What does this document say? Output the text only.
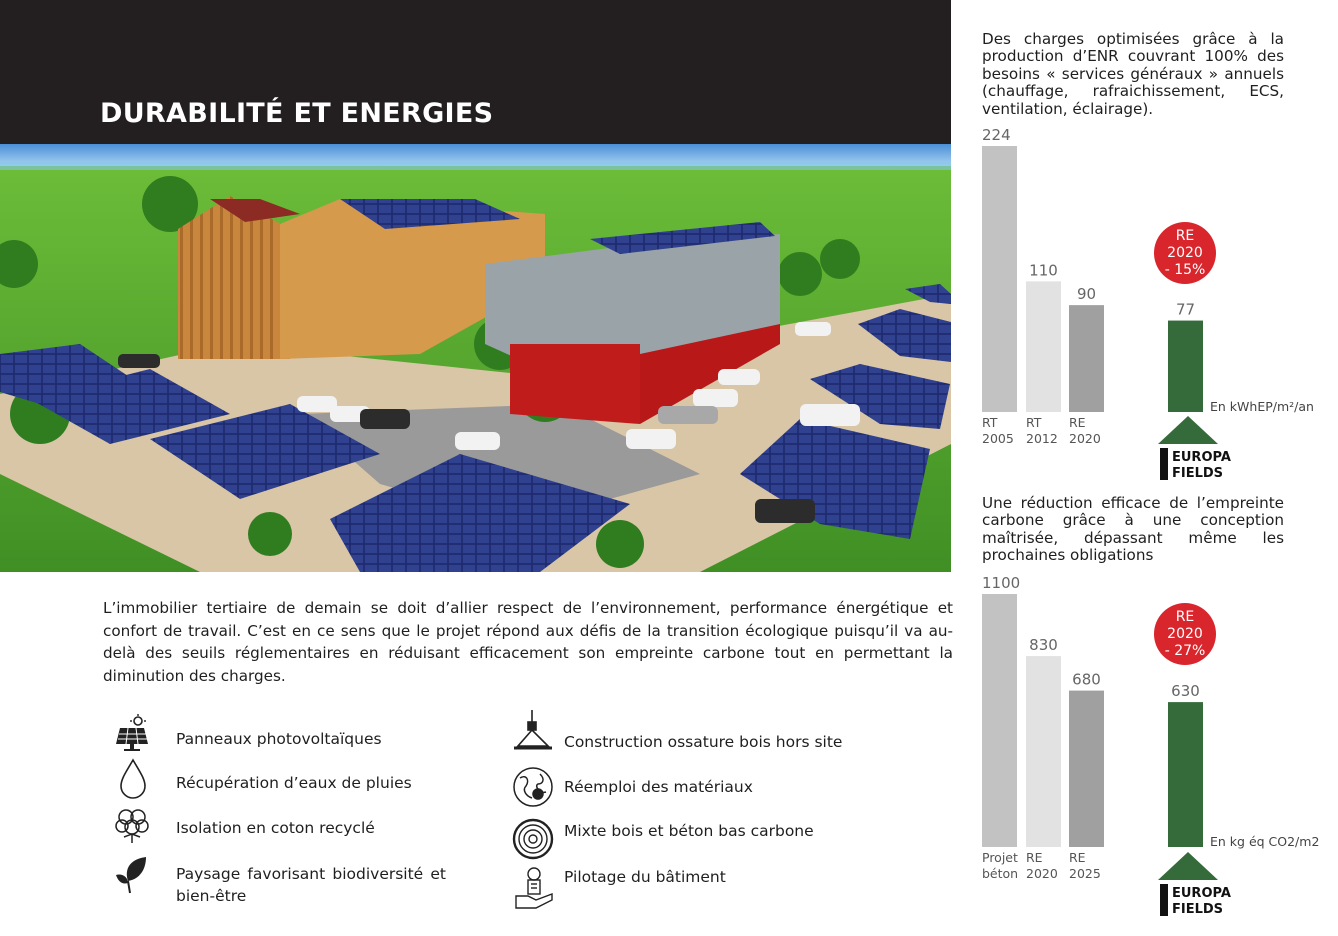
DURABILITÉ ET ENERGIES

L’immobilier tertiaire de demain se doit d’allier respect de l’environnement, performance énergétique et confort de travail. C’est en ce sens que le projet répond aux défis de la transition écologique puisqu’il va au-delà des seuils réglementaires en réduisant efficacement son empreinte carbone tout en permettant la diminution des charges.

Panneaux photovoltaïques
Récupération d’eaux de pluies
Isolation en coton recyclé
Paysage favorisant biodiversité et bien-être
Construction ossature bois hors site
Réemploi des matériaux
Mixte bois et béton bas carbone
Pilotage du bâtiment

Des charges optimisées grâce à la production d’ENR couvrant 100% des besoins « services généraux » annuels (chauffage, rafraichissement, ECS, ventilation, éclairage).

224
RT
2005
110
RT
2012
90
RE
2020
77
En kWhEP/m²/an
RE
2020
- 15%
EUROPA
FIELDS

Une réduction efficace de l’empreinte carbone grâce à une conception maîtrisée, dépassant même les prochaines obligations

1100
Projet
béton
830
RE
2020
680
RE
2025
630
En kg éq CO2/m2
RE
2020
- 27%
EUROPA
FIELDS
